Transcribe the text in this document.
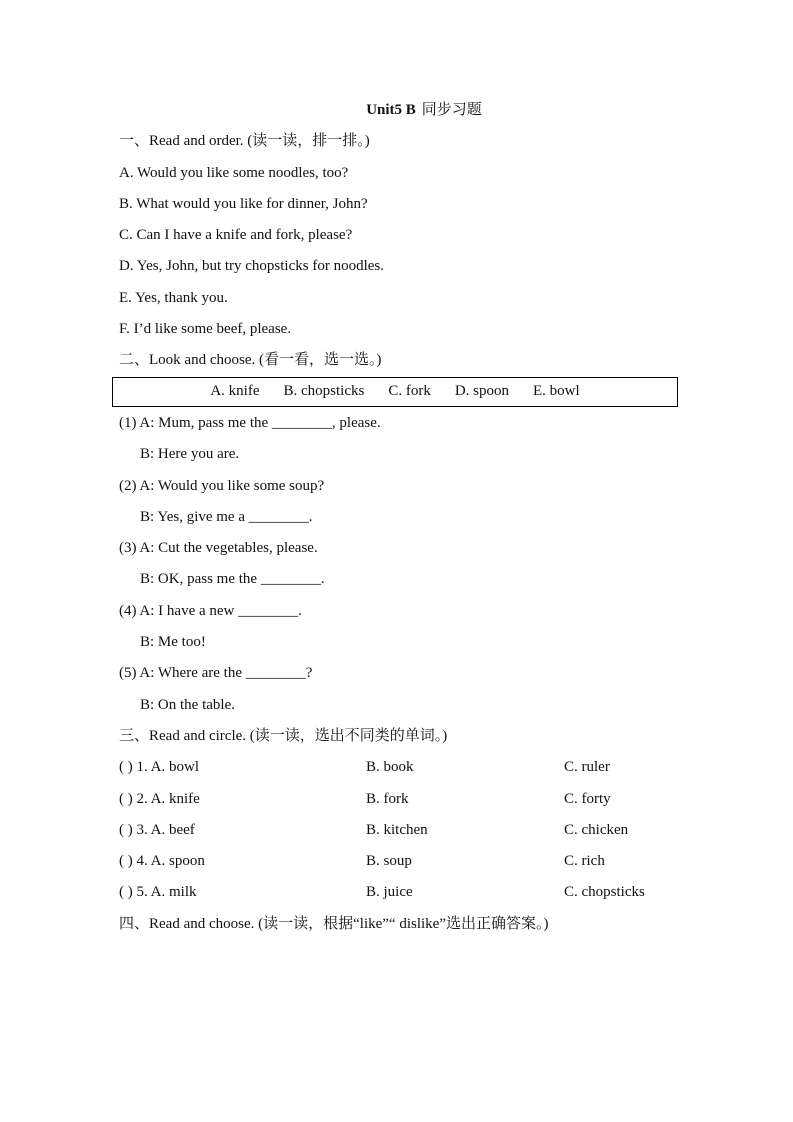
Unit5 B 同步习题
一、Read and order. (读一读，排一排。)
A. Would you like some noodles, too?
B. What would you like for dinner, John?
C. Can I have a knife and fork, please?
D. Yes, John, but try chopsticks for noodles.
E. Yes, thank you.
F. I’d like some beef, please.
二、Look and choose. (看一看，选一选。)
A. knife B. chopsticks C. fork D. spoon E. bowl
(1) A: Mum, pass me the ________, please.
B: Here you are.
(2) A: Would you like some soup?
B: Yes, give me a ________.
(3) A: Cut the vegetables, please.
B: OK, pass me the ________.
(4) A: I have a new ________.
B: Me too!
(5) A: Where are the ________?
B: On the table.
三、Read and circle. (读一读，选出不同类的单词。)
( ) 1. A. bowl	B. book	C. ruler
( ) 2. A. knife	B. fork	C. forty
( ) 3. A. beef	B. kitchen	C. chicken
( ) 4. A. spoon	B. soup	C. rich
( ) 5. A. milk	B. juice	C. chopsticks
四、Read and choose. (读一读，根据“like”“ dislike”选出正确答案。)
